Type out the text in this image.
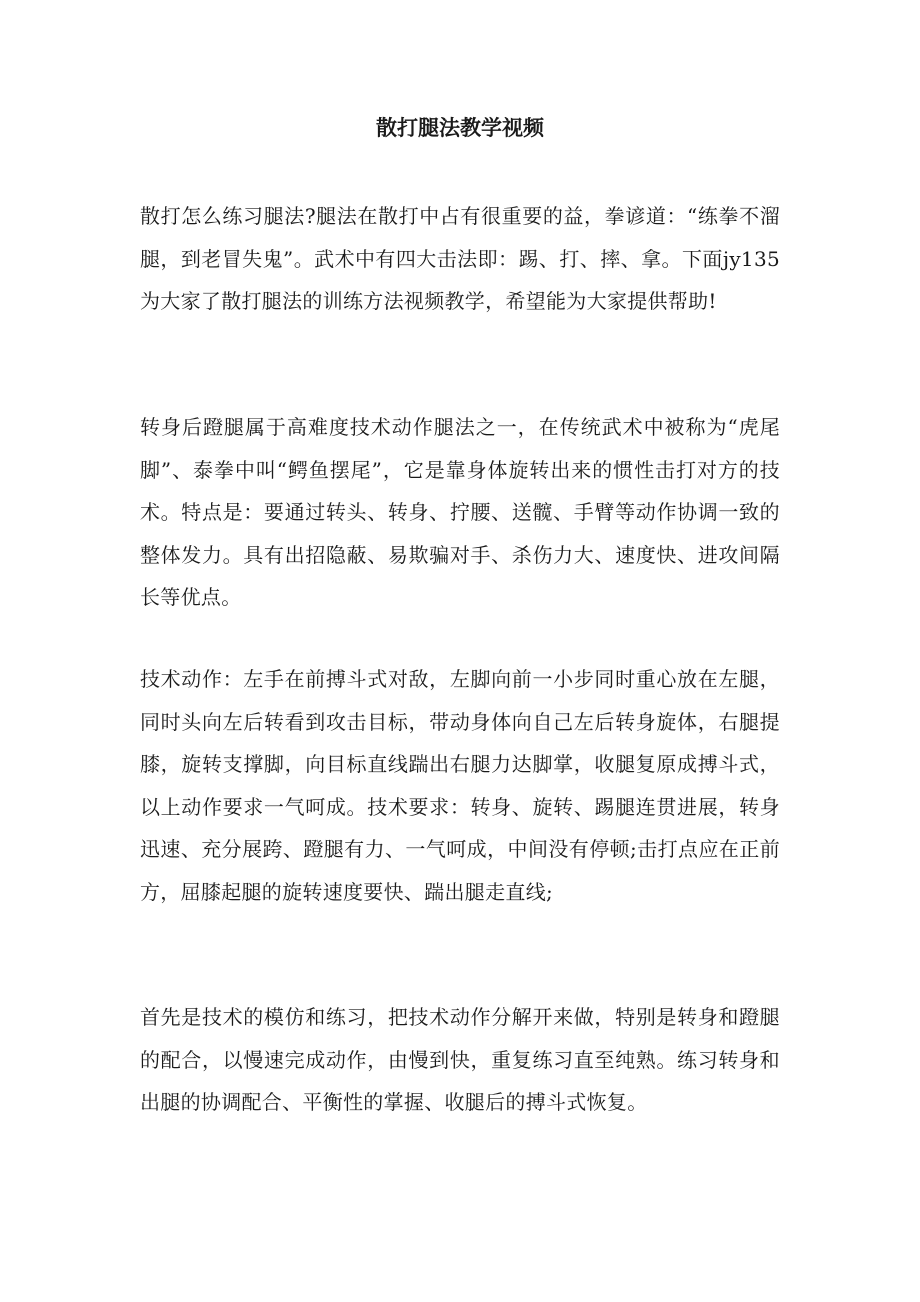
散打腿法教学视频

散打怎么练习腿法?腿法在散打中占有很重要的益，拳谚道：“练拳不溜腿，到老冒失鬼”。武术中有四大击法即：踢、打、摔、拿。下面jy135为大家了散打腿法的训练方法视频教学，希望能为大家提供帮助!

转身后蹬腿属于高难度技术动作腿法之一，在传统武术中被称为“虎尾脚”、泰拳中叫“鳄鱼摆尾”，它是靠身体旋转出来的惯性击打对方的技术。特点是：要通过转头、转身、拧腰、送髋、手臂等动作协调一致的整体发力。具有出招隐蔽、易欺骗对手、杀伤力大、速度快、进攻间隔长等优点。

技术动作：左手在前搏斗式对敌，左脚向前一小步同时重心放在左腿，同时头向左后转看到攻击目标，带动身体向自己左后转身旋体，右腿提膝，旋转支撑脚，向目标直线踹出右腿力达脚掌，收腿复原成搏斗式，以上动作要求一气呵成。技术要求：转身、旋转、踢腿连贯进展，转身迅速、充分展跨、蹬腿有力、一气呵成，中间没有停顿;击打点应在正前方，屈膝起腿的旋转速度要快、踹出腿走直线;

首先是技术的模仿和练习，把技术动作分解开来做，特别是转身和蹬腿的配合，以慢速完成动作，由慢到快，重复练习直至纯熟。练习转身和出腿的协调配合、平衡性的掌握、收腿后的搏斗式恢复。
